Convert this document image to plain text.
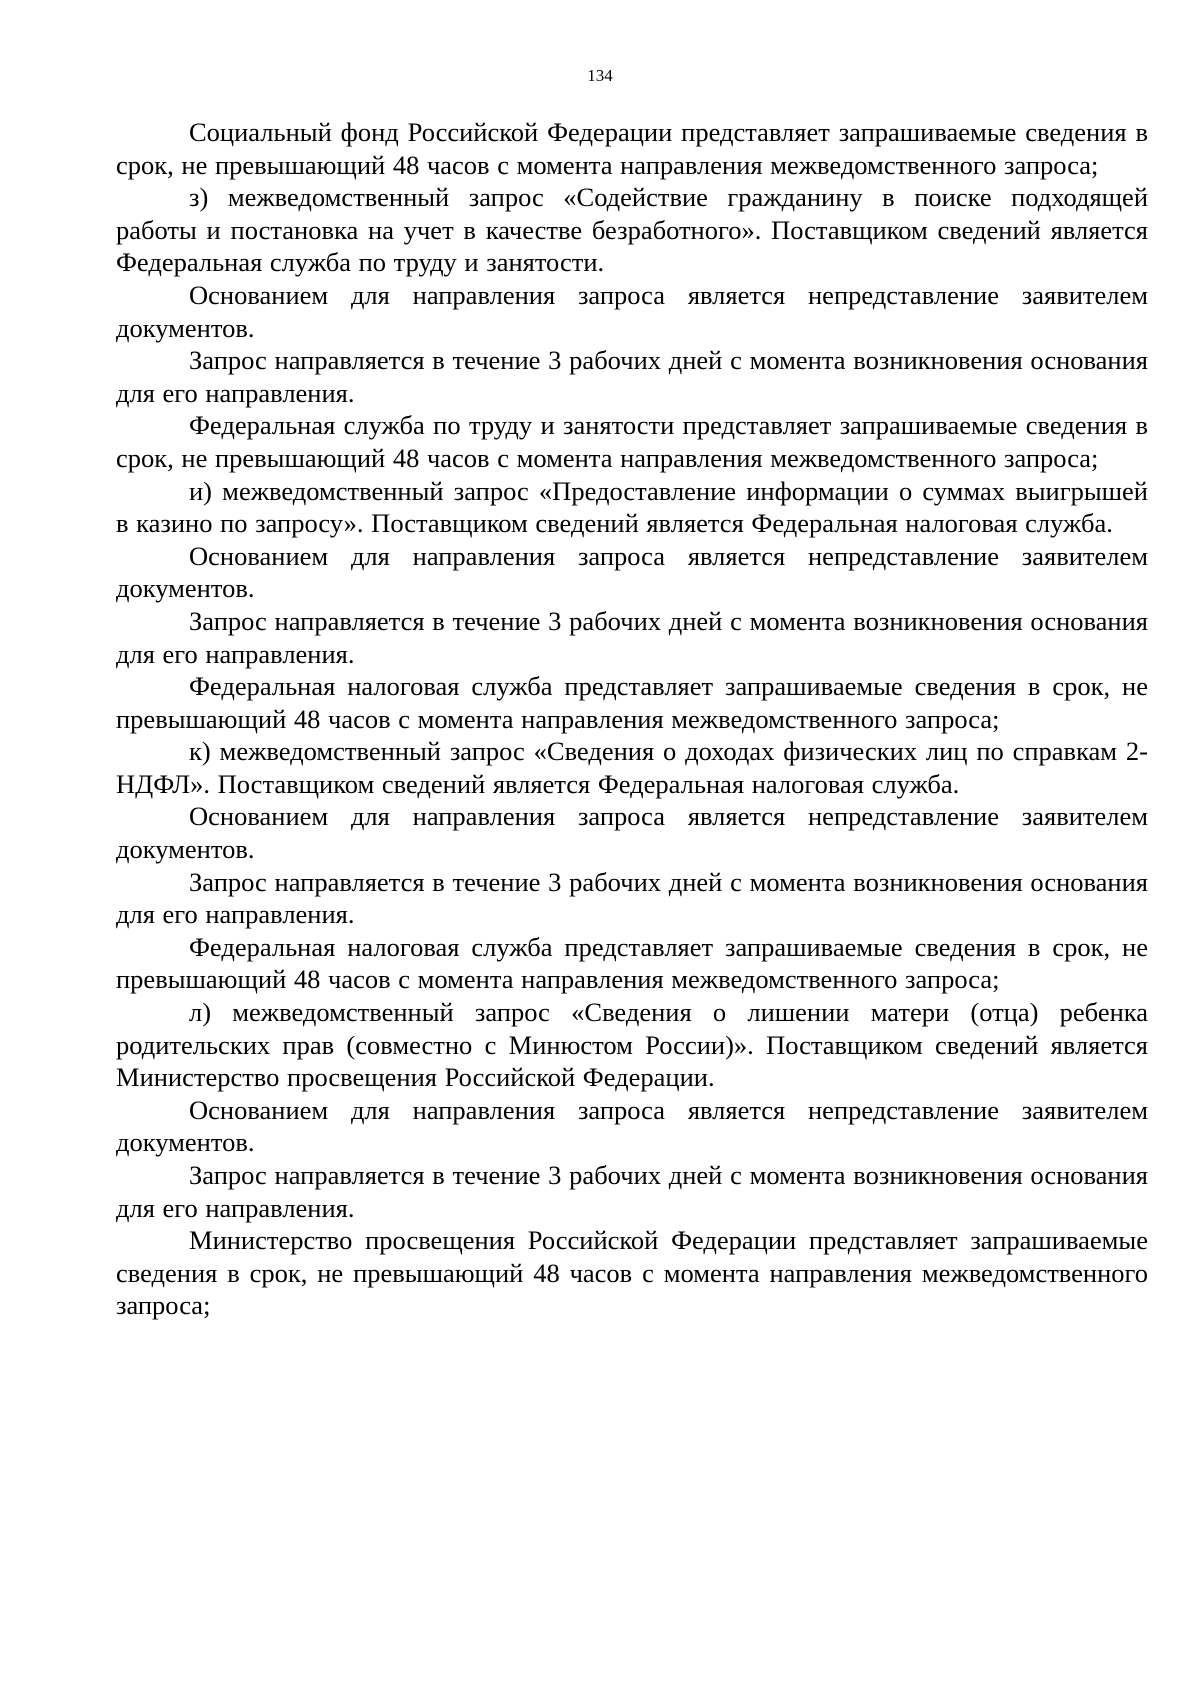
134

Социальный фонд Российской Федерации представляет запрашиваемые сведения в срок, не превышающий 48 часов с момента направления межведомственного запроса;

з) межведомственный запрос «Содействие гражданину в поиске подходящей работы и постановка на учет в качестве безработного». Поставщиком сведений является Федеральная служба по труду и занятости.

Основанием для направления запроса является непредставление заявителем документов.

Запрос направляется в течение 3 рабочих дней с момента возникновения основания для его направления.

Федеральная служба по труду и занятости представляет запрашиваемые сведения в срок, не превышающий 48 часов с момента направления межведомственного запроса;

и) межведомственный запрос «Предоставление информации о суммах выигрышей в казино по запросу». Поставщиком сведений является Федеральная налоговая служба.

Основанием для направления запроса является непредставление заявителем документов.

Запрос направляется в течение 3 рабочих дней с момента возникновения основания для его направления.

Федеральная налоговая служба представляет запрашиваемые сведения в срок, не превышающий 48 часов с момента направления межведомственного запроса;

к) межведомственный запрос «Сведения о доходах физических лиц по справкам 2-НДФЛ». Поставщиком сведений является Федеральная налоговая служба.

Основанием для направления запроса является непредставление заявителем документов.

Запрос направляется в течение 3 рабочих дней с момента возникновения основания для его направления.

Федеральная налоговая служба представляет запрашиваемые сведения в срок, не превышающий 48 часов с момента направления межведомственного запроса;

л) межведомственный запрос «Сведения о лишении матери (отца) ребенка родительских прав (совместно с Минюстом России)». Поставщиком сведений является Министерство просвещения Российской Федерации.

Основанием для направления запроса является непредставление заявителем документов.

Запрос направляется в течение 3 рабочих дней с момента возникновения основания для его направления.

Министерство просвещения Российской Федерации представляет запрашиваемые сведения в срок, не превышающий 48 часов с момента направления межведомственного запроса;
